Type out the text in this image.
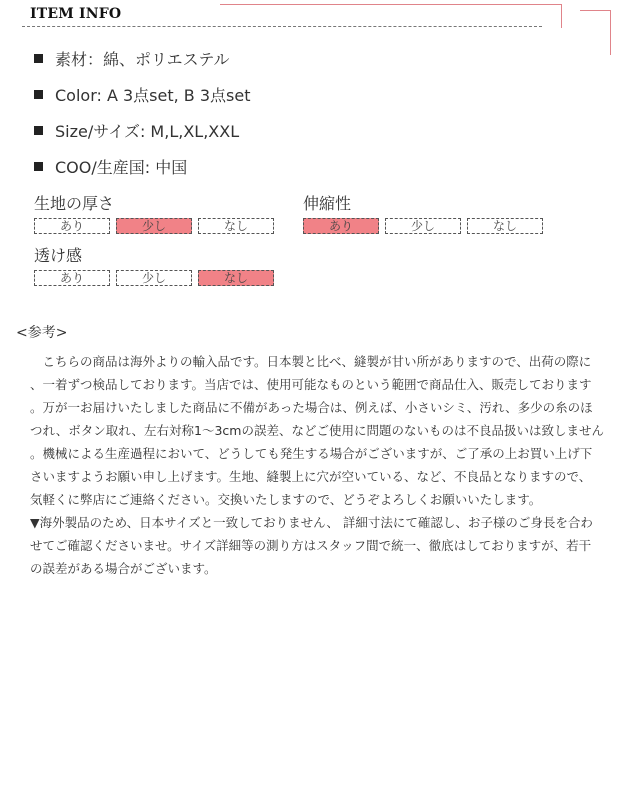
ITEM INFO
素材：綿、ポリエステル
Color: A 3点set, B 3点set
Size/サイズ: M,L,XL,XXL
COO/生産国: 中国
生地の厚さ
あり	少し	なし
伸縮性
あり	少し	なし
透け感
あり	少し	なし
<参考>
　こちらの商品は海外よりの輸入品です。日本製と比べ、縫製が甘い所がありますので、出荷の際に
、一着ずつ検品しております。当店では、使用可能なものという範囲で商品仕入、販売しております
。万が一お届けいたしました商品に不備があった場合は、例えば、小さいシミ、汚れ、多少の糸のほ
つれ、ボタン取れ、左右対称1～3cmの誤差、などご使用に問題のないものは不良品扱いは致しません
。機械による生産過程において、どうしても発生する場合がございますが、ご了承の上お買い上げ下
さいますようお願い申し上げます。生地、縫製上に穴が空いている、など、不良品となりますので、
気軽くに弊店にご連絡ください。交換いたしますので、どうぞよろしくお願いいたします。
▼海外製品のため、日本サイズと一致しておりません、 詳細寸法にて確認し、お子様のご身長を合わ
せてご確認くださいませ。サイズ詳細等の測り方はスタッフ間で統一、徹底はしておりますが、若干
の誤差がある場合がございます。
